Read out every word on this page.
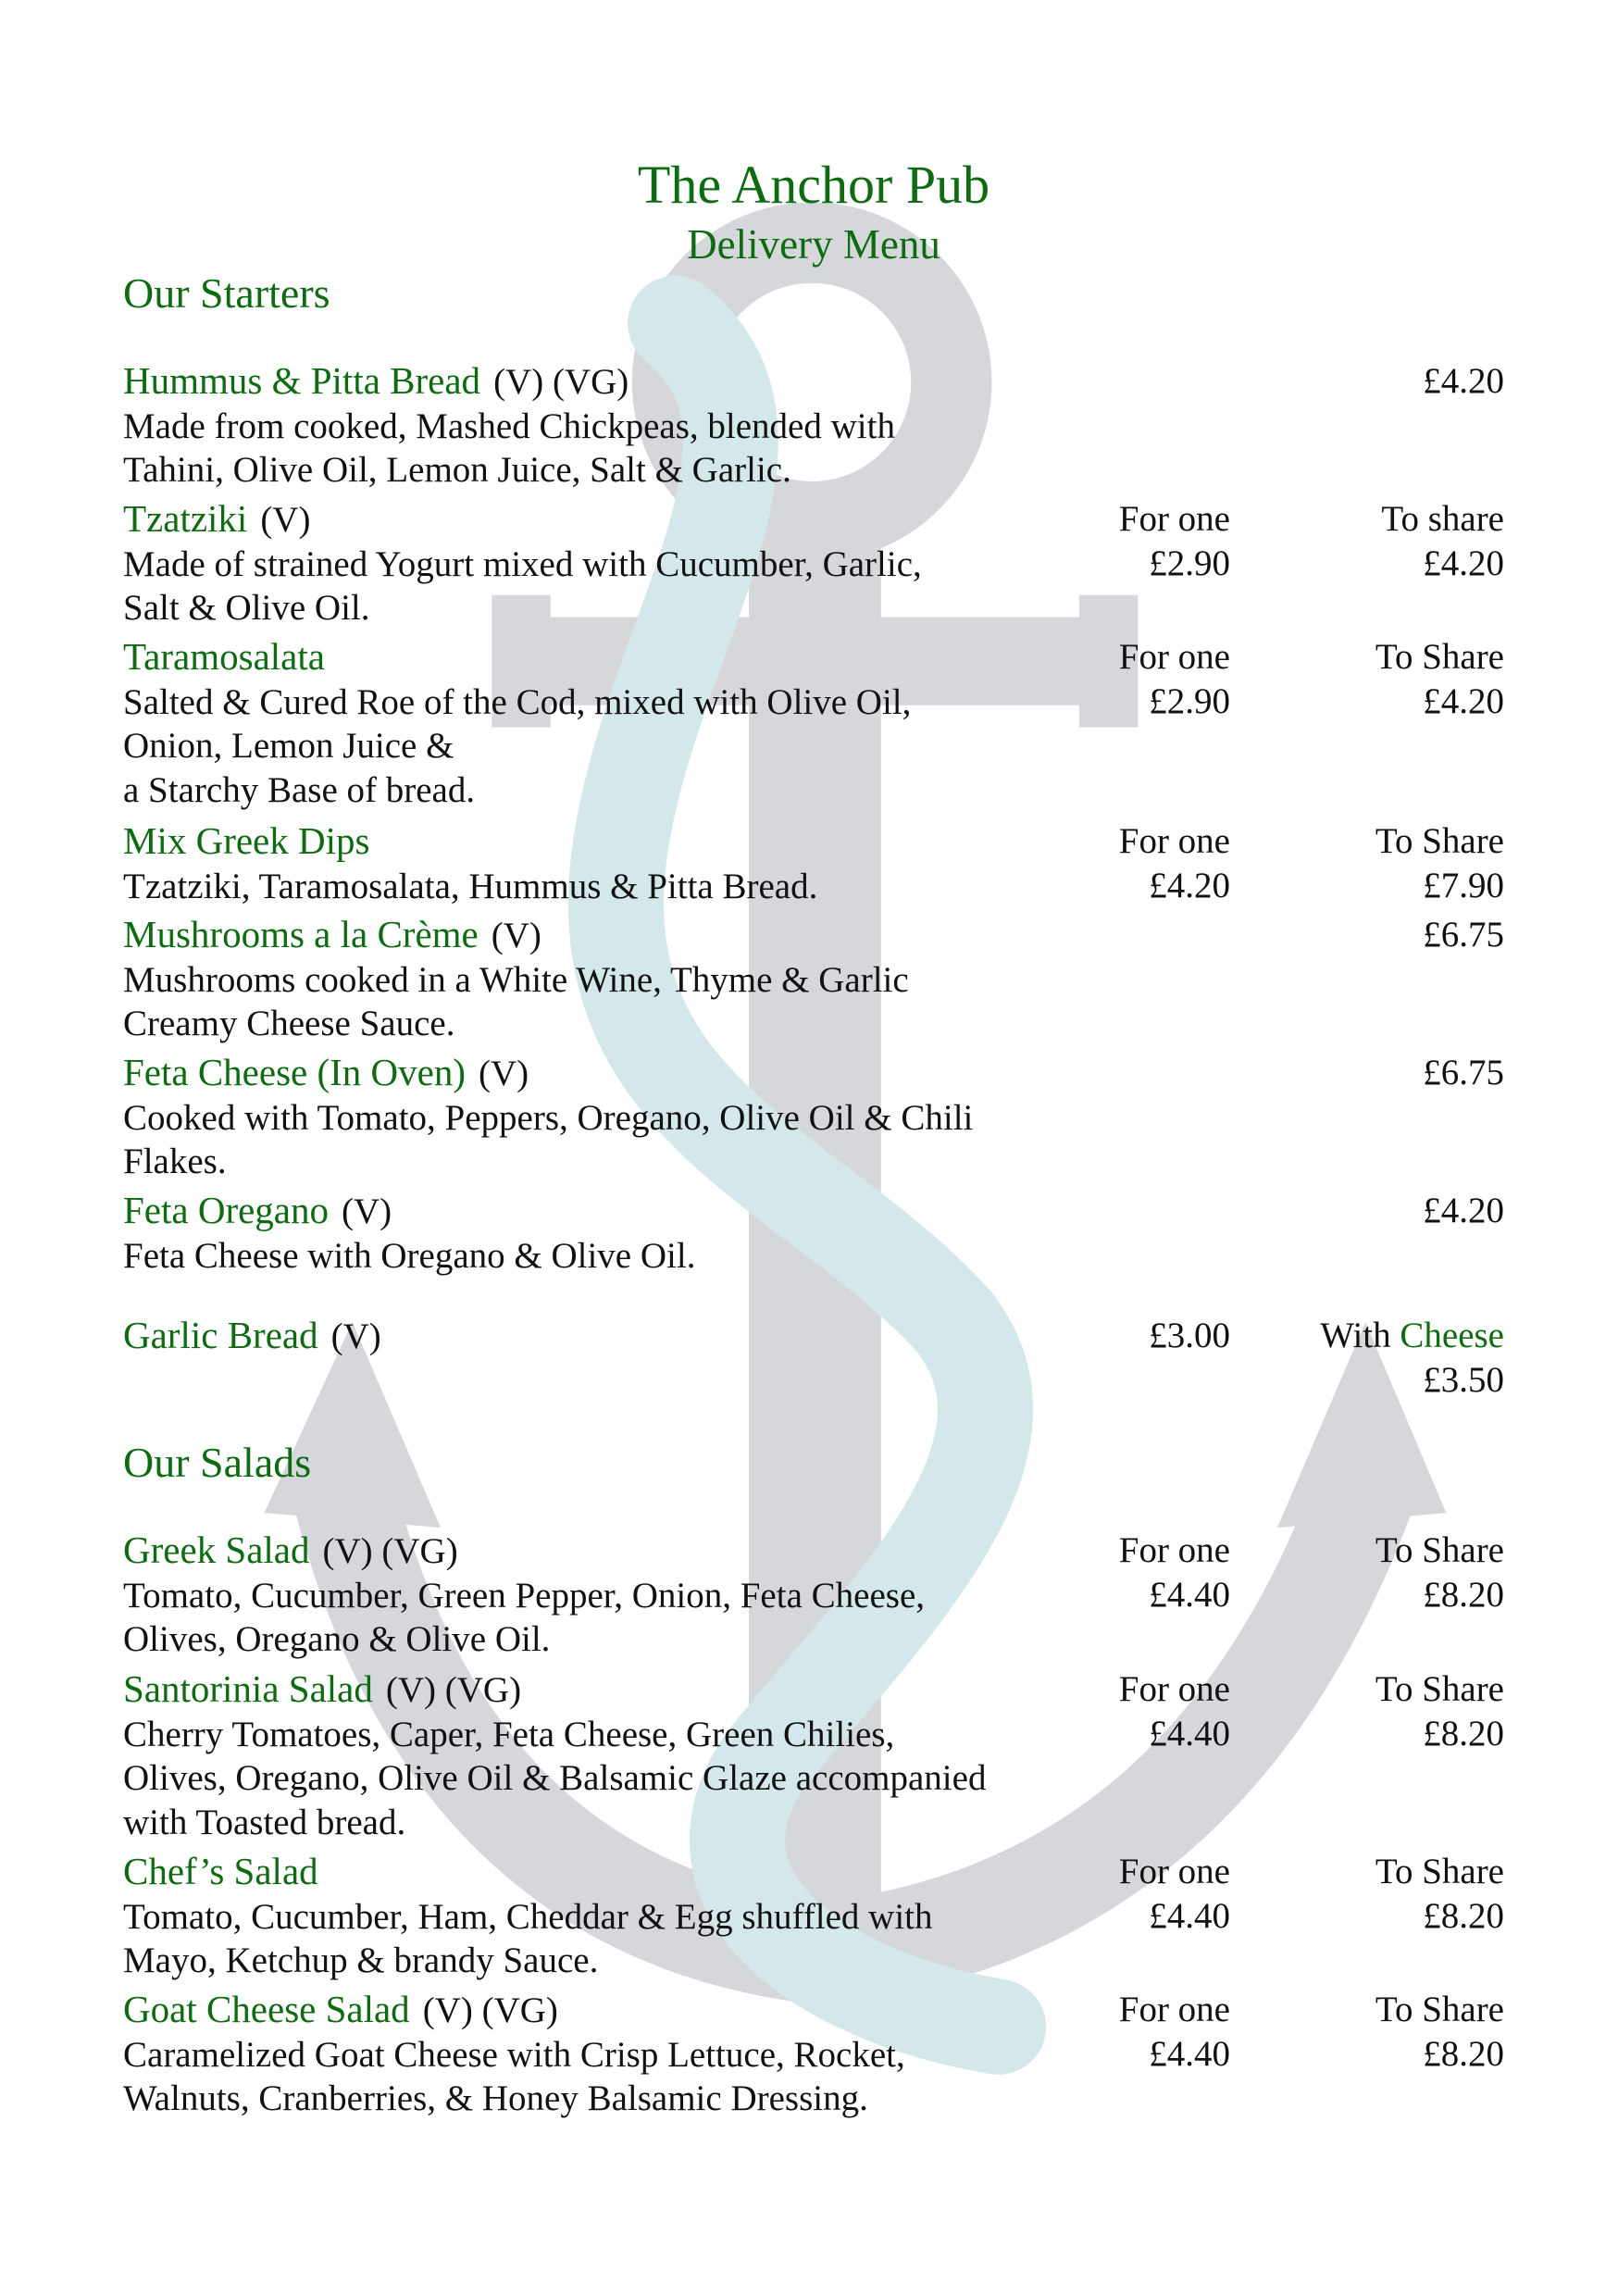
The Anchor Pub
Delivery Menu
Our Starters
Hummus & Pitta Bread (V) (VG)
Made from cooked, Mashed Chickpeas, blended with
Tahini, Olive Oil, Lemon Juice, Salt & Garlic.
£4.20
Tzatziki (V)
Made of strained Yogurt mixed with Cucumber, Garlic,
Salt & Olive Oil.
For one
£2.90
To share
£4.20
Taramosalata
Salted & Cured Roe of the Cod, mixed with Olive Oil,
Onion, Lemon Juice &
a Starchy Base of bread.
For one
£2.90
To Share
£4.20
Mix Greek Dips
Tzatziki, Taramosalata, Hummus & Pitta Bread.
For one
£4.20
To Share
£7.90
Mushrooms a la Crème (V)
Mushrooms cooked in a White Wine, Thyme & Garlic
Creamy Cheese Sauce.
£6.75
Feta Cheese (In Oven) (V)
Cooked with Tomato, Peppers, Oregano, Olive Oil & Chili
Flakes.
£6.75
Feta Oregano (V)
Feta Cheese with Oregano & Olive Oil.
£4.20
Garlic Bread (V)	£3.00 With Cheese
£3.50
Our Salads
Greek Salad (V) (VG)
Tomato, Cucumber, Green Pepper, Onion, Feta Cheese,
Olives, Oregano & Olive Oil.
For one
£4.40
To Share
£8.20
Santorinia Salad (V) (VG)
Cherry Tomatoes, Caper, Feta Cheese, Green Chilies,
Olives, Oregano, Olive Oil & Balsamic Glaze accompanied
with Toasted bread.
For one
£4.40
To Share
£8.20
Chef’s Salad
Tomato, Cucumber, Ham, Cheddar & Egg shuffled with
Mayo, Ketchup & brandy Sauce.
For one
£4.40
To Share
£8.20
Goat Cheese Salad (V) (VG)
Caramelized Goat Cheese with Crisp Lettuce, Rocket,
Walnuts, Cranberries, & Honey Balsamic Dressing.
For one
£4.40
To Share
£8.20
